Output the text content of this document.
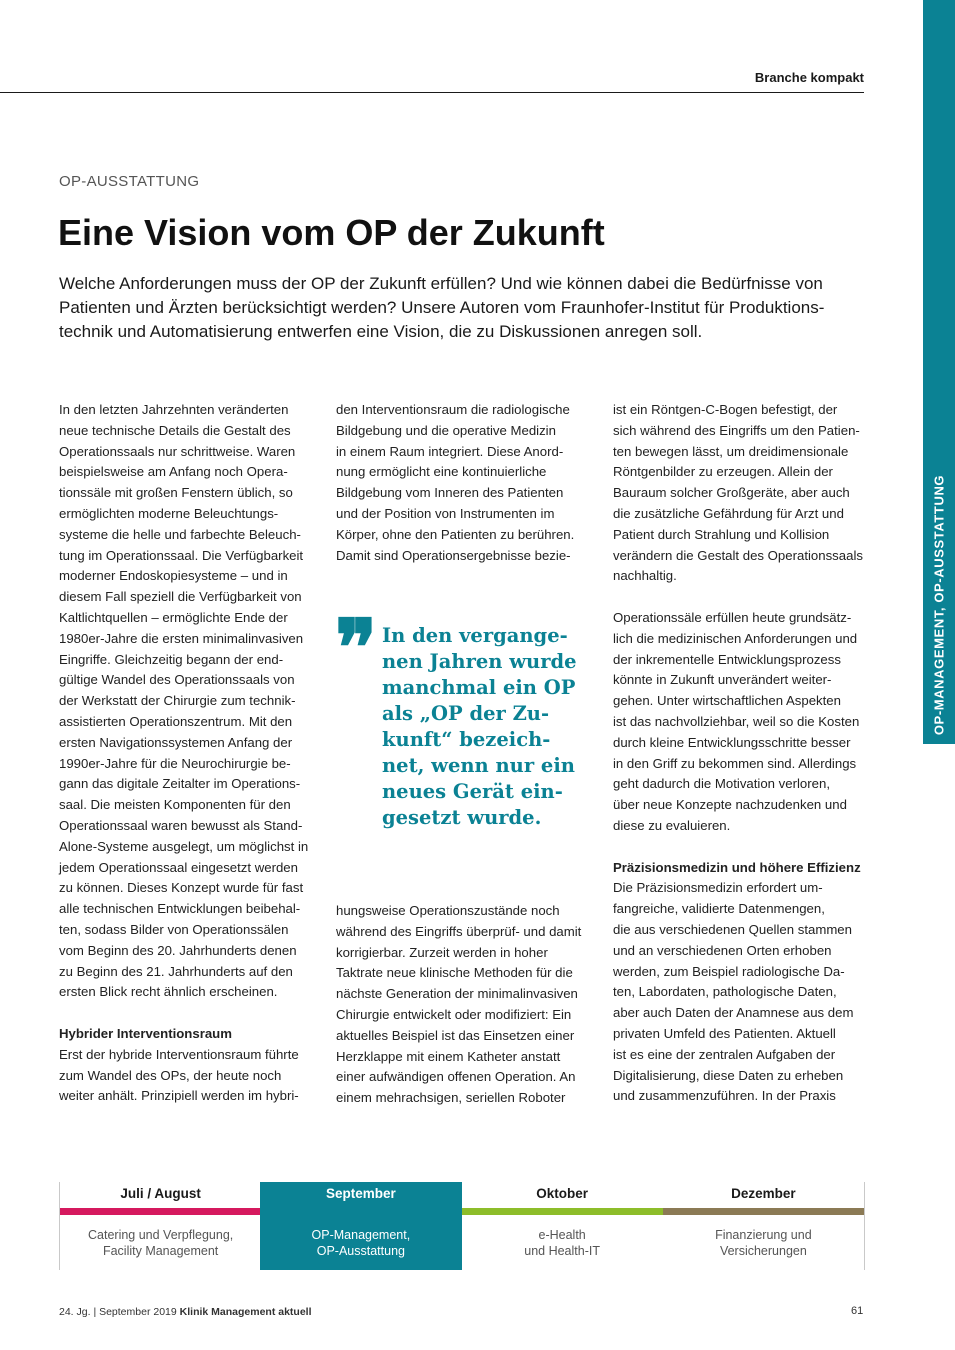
OP-MANAGEMENT, OP-AUSSTATTUNG
Branche kompakt
OP-AUSSTATTUNG
Eine Vision vom OP der Zukunft
Welche Anforderungen muss der OP der Zukunft erfüllen? Und wie können dabei die Bedürfnisse von
Patienten und Ärzten berücksichtigt werden? Unsere Autoren vom Fraunhofer-Institut für Produktions-
technik und Automatisierung entwerfen eine Vision, die zu Diskussionen anregen soll.
In den letzten Jahrzehnten veränderten
neue technische Details die Gestalt des
Operationssaals nur schrittweise. Waren
beispielsweise am Anfang noch Opera-
tionssäle mit großen Fenstern üblich, so
ermöglichten moderne Beleuchtungs-
systeme die helle und farbechte Beleuch-
tung im Operationssaal. Die Verfügbarkeit
moderner Endoskopiesysteme – und in
diesem Fall speziell die Verfügbarkeit von
Kaltlichtquellen – ermöglichte Ende der
1980er-Jahre die ersten minimalinvasiven
Eingriffe. Gleichzeitig begann der end-
gültige Wandel des Operationssaals von
der Werkstatt der Chirurgie zum technik-
assistierten Operationszentrum. Mit den
ersten Navigationssystemen Anfang der
1990er-Jahre für die Neurochirurgie be-
gann das digitale Zeitalter im Operations-
saal. Die meisten Komponenten für den
Operationssaal waren bewusst als Stand-
Alone-Systeme ausgelegt, um möglichst in
jedem Operationssaal eingesetzt werden
zu können. Dieses Konzept wurde für fast
alle technischen Entwicklungen beibehal-
ten, sodass Bilder von Operationssälen
vom Beginn des 20. Jahrhunderts denen
zu Beginn des 21. Jahrhunderts auf den
ersten Blick recht ähnlich erscheinen.
Hybrider Interventionsraum
Erst der hybride Interventionsraum führte
zum Wandel des OPs, der heute noch
weiter anhält. Prinzipiell werden im hybri-
den Interventionsraum die radiologische
Bildgebung und die operative Medizin
in einem Raum integriert. Diese Anord-
nung ermöglicht eine kontinuierliche
Bildgebung vom Inneren des Patienten
und der Position von Instrumenten im
Körper, ohne den Patienten zu berühren.
Damit sind Operationsergebnisse bezie-
❞ In den vergange-
nen Jahren wurde
manchmal ein OP
als „OP der Zu-
kunft“ bezeich-
net, wenn nur ein
neues Gerät ein-
gesetzt wurde.
hungsweise Operationszustände noch
während des Eingriffs überprüf- und damit
korrigierbar. Zurzeit werden in hoher
Taktrate neue klinische Methoden für die
nächste Generation der minimalinvasiven
Chirurgie entwickelt oder modifiziert: Ein
aktuelles Beispiel ist das Einsetzen einer
Herzklappe mit einem Katheter anstatt
einer aufwändigen offenen Operation. An
einem mehrachsigen, seriellen Roboter
ist ein Röntgen-C-Bogen befestigt, der
sich während des Eingriffs um den Patien-
ten bewegen lässt, um dreidimensionale
Röntgenbilder zu erzeugen. Allein der
Bauraum solcher Großgeräte, aber auch
die zusätzliche Gefährdung für Arzt und
Patient durch Strahlung und Kollision
verändern die Gestalt des Operationssaals
nachhaltig.
Operationssäle erfüllen heute grundsätz-
lich die medizinischen Anforderungen und
der inkrementelle Entwicklungsprozess
könnte in Zukunft unverändert weiter-
gehen. Unter wirtschaftlichen Aspekten
ist das nachvollziehbar, weil so die Kosten
durch kleine Entwicklungsschritte besser
in den Griff zu bekommen sind. Allerdings
geht dadurch die Motivation verloren,
über neue Konzepte nachzudenken und
diese zu evaluieren.
Präzisionsmedizin und höhere Effizienz
Die Präzisionsmedizin erfordert um-
fangreiche, validierte Datenmengen,
die aus verschiedenen Quellen stammen
und an verschiedenen Orten erhoben
werden, zum Beispiel radiologische Da-
ten, Labordaten, pathologische Daten,
aber auch Daten der Anamnese aus dem
privaten Umfeld des Patienten. Aktuell
ist es eine der zentralen Aufgaben der
Digitalisierung, diese Daten zu erheben
und zusammenzuführen. In der Praxis
Juli / August
Catering und Verpflegung,
Facility Management
September
OP-Management,
OP-Ausstattung
Oktober
e-Health
und Health-IT
Dezember
Finanzierung und
Versicherungen
24. Jg. | September 2019 Klinik Management aktuell	61
